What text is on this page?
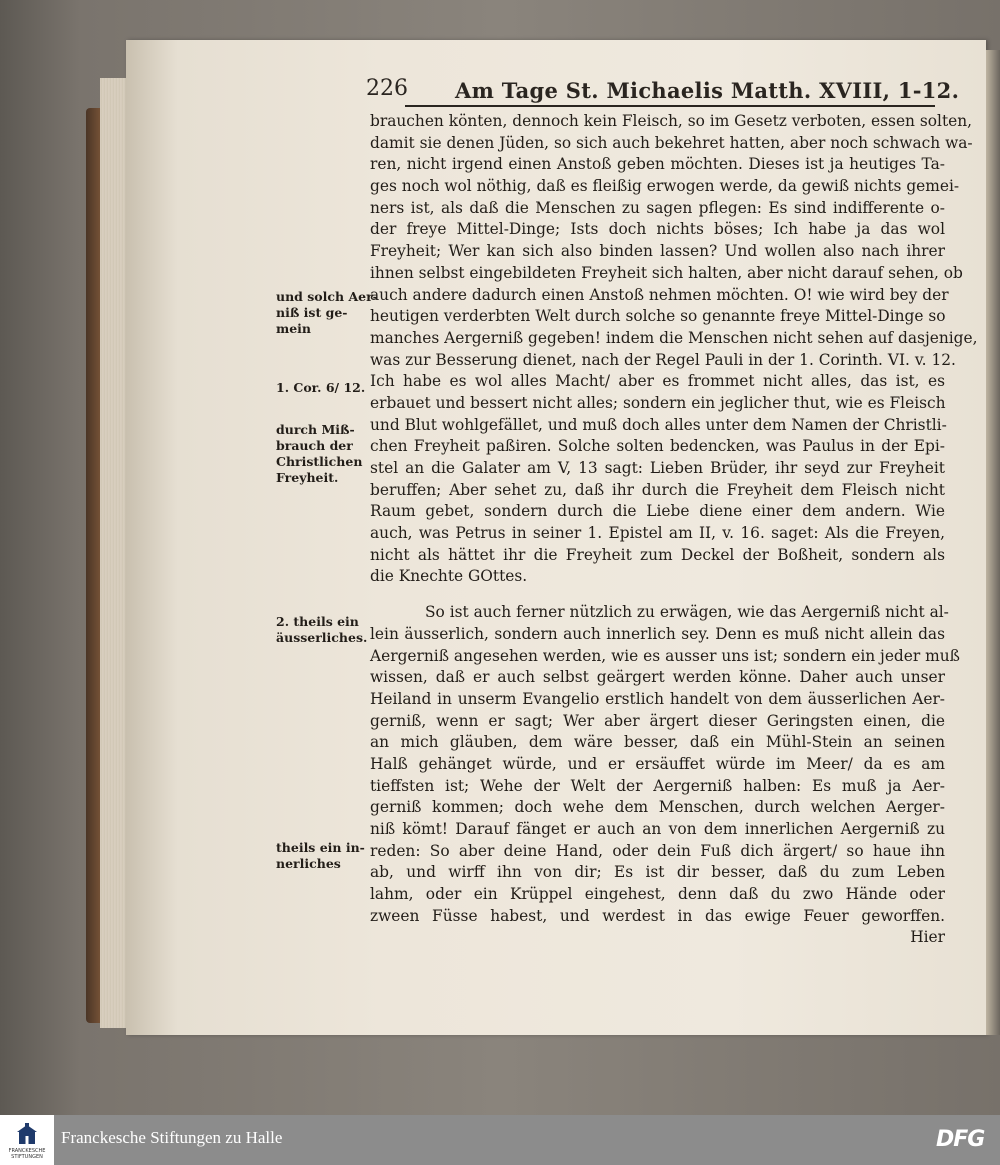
226 Am Tage St. Michaelis Matth. XVIII, 1-12.
brauchen könten, dennoch kein Fleisch, so im Gesetz verboten, essen solten,
damit sie denen Jüden, so sich auch bekehret hatten, aber noch schwach wa-
ren, nicht irgend einen Anstoß geben möchten. Dieses ist ja heutiges Ta-
ges noch wol nöthig, daß es fleißig erwogen werde, da gewiß nichts gemei-
ners ist, als daß die Menschen zu sagen pflegen: Es sind indifferente o-
der freye Mittel-Dinge; Ists doch nichts böses; Ich habe ja das wol
Freyheit; Wer kan sich also binden lassen? Und wollen also nach ihrer
ihnen selbst eingebildeten Freyheit sich halten, aber nicht darauf sehen, ob
auch andere dadurch einen Anstoß nehmen möchten. O! wie wird bey der
heutigen verderbten Welt durch solche so genannte freye Mittel-Dinge so
manches Aergerniß gegeben! indem die Menschen nicht sehen auf dasjenige,
was zur Besserung dienet, nach der Regel Pauli in der 1. Corinth. VI. v. 12.
Ich habe es wol alles Macht/ aber es frommet nicht alles, das ist, es
erbauet und bessert nicht alles; sondern ein jeglicher thut, wie es Fleisch
und Blut wohlgefället, und muß doch alles unter dem Namen der Christli-
chen Freyheit paßiren. Solche solten bedencken, was Paulus in der Epi-
stel an die Galater am V, 13 sagt: Lieben Brüder, ihr seyd zur Freyheit
beruffen; Aber sehet zu, daß ihr durch die Freyheit dem Fleisch nicht
Raum gebet, sondern durch die Liebe diene einer dem andern. Wie
auch, was Petrus in seiner 1. Epistel am II, v. 16. saget: Als die Freyen,
nicht als hättet ihr die Freyheit zum Deckel der Boßheit, sondern als
die Knechte GOttes.
So ist auch ferner nützlich zu erwägen, wie das Aergerniß nicht al-
lein äusserlich, sondern auch innerlich sey. Denn es muß nicht allein das
Aergerniß angesehen werden, wie es ausser uns ist; sondern ein jeder muß
wissen, daß er auch selbst geärgert werden könne. Daher auch unser
Heiland in unserm Evangelio erstlich handelt von dem äusserlichen Aer-
gerniß, wenn er sagt; Wer aber ärgert dieser Geringsten einen, die
an mich gläuben, dem wäre besser, daß ein Mühl-Stein an seinen
Halß gehänget würde, und er ersäuffet würde im Meer/ da es am
tieffsten ist; Wehe der Welt der Aergerniß halben: Es muß ja Aer-
gerniß kommen; doch wehe dem Menschen, durch welchen Aerger-
niß kömt! Darauf fänget er auch an von dem innerlichen Aergerniß zu
reden: So aber deine Hand, oder dein Fuß dich ärgert/ so haue ihn
ab, und wirff ihn von dir; Es ist dir besser, daß du zum Leben
lahm, oder ein Krüppel eingehest, denn daß du zwo Hände oder
zween Füsse habest, und werdest in das ewige Feuer geworffen.
Hier
und solch Aer-
niß ist ge-
mein
1. Cor. 6/ 12.
durch Miß-
brauch der
Christlichen
Freyheit.
2. theils ein
äusserliches.
theils ein in-
nerliches
FRANCKESCHE STIFTUNGEN
Franckesche Stiftungen zu Halle	DFG
